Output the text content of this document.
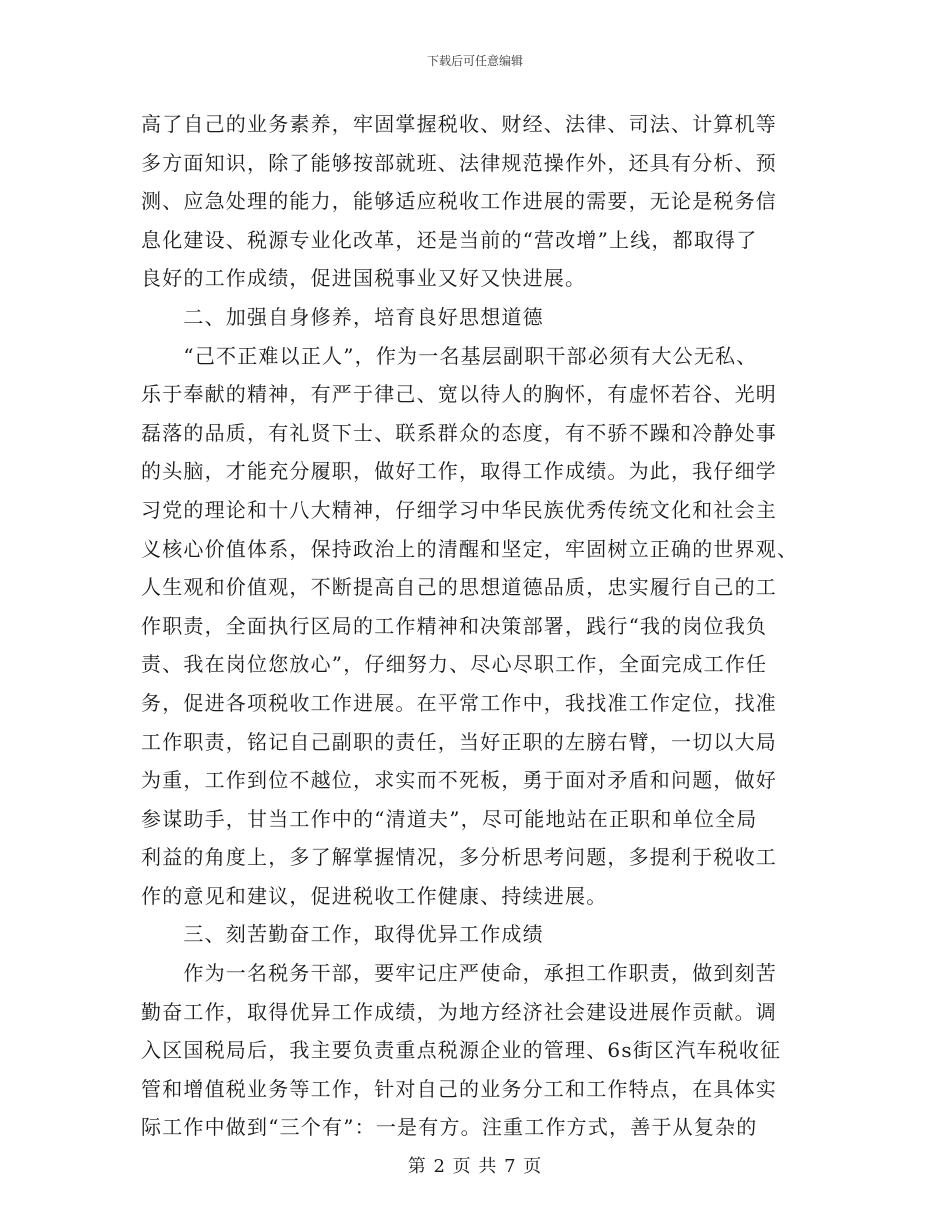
下载后可任意编辑
高了自己的业务素养，牢固掌握税收、财经、法律、司法、计算机等
多方面知识，除了能够按部就班、法律规范操作外，还具有分析、预
测、应急处理的能力，能够适应税收工作进展的需要，无论是税务信
息化建设、税源专业化改革，还是当前的“营改增”上线，都取得了
良好的工作成绩，促进国税事业又好又快进展。
　　二、加强自身修养，培育良好思想道德
　　“己不正难以正人”，作为一名基层副职干部必须有大公无私、
乐于奉献的精神，有严于律己、宽以待人的胸怀，有虚怀若谷、光明
磊落的品质，有礼贤下士、联系群众的态度，有不骄不躁和冷静处事
的头脑，才能充分履职，做好工作，取得工作成绩。为此，我仔细学
习党的理论和十八大精神，仔细学习中华民族优秀传统文化和社会主
义核心价值体系，保持政治上的清醒和坚定，牢固树立正确的世界观、
人生观和价值观，不断提高自己的思想道德品质，忠实履行自己的工
作职责，全面执行区局的工作精神和决策部署，践行“我的岗位我负
责、我在岗位您放心”，仔细努力、尽心尽职工作，全面完成工作任
务，促进各项税收工作进展。在平常工作中，我找准工作定位，找准
工作职责，铭记自己副职的责任，当好正职的左膀右臂，一切以大局
为重，工作到位不越位，求实而不死板，勇于面对矛盾和问题，做好
参谋助手，甘当工作中的“清道夫”，尽可能地站在正职和单位全局
利益的角度上，多了解掌握情况，多分析思考问题，多提利于税收工
作的意见和建议，促进税收工作健康、持续进展。
　　三、刻苦勤奋工作，取得优异工作成绩
　　作为一名税务干部，要牢记庄严使命，承担工作职责，做到刻苦
勤奋工作，取得优异工作成绩，为地方经济社会建设进展作贡献。调
入区国税局后，我主要负责重点税源企业的管理、6s街区汽车税收征
管和增值税业务等工作，针对自己的业务分工和工作特点，在具体实
际工作中做到“三个有”：一是有方。注重工作方式，善于从复杂的
第 2 页 共 7 页
